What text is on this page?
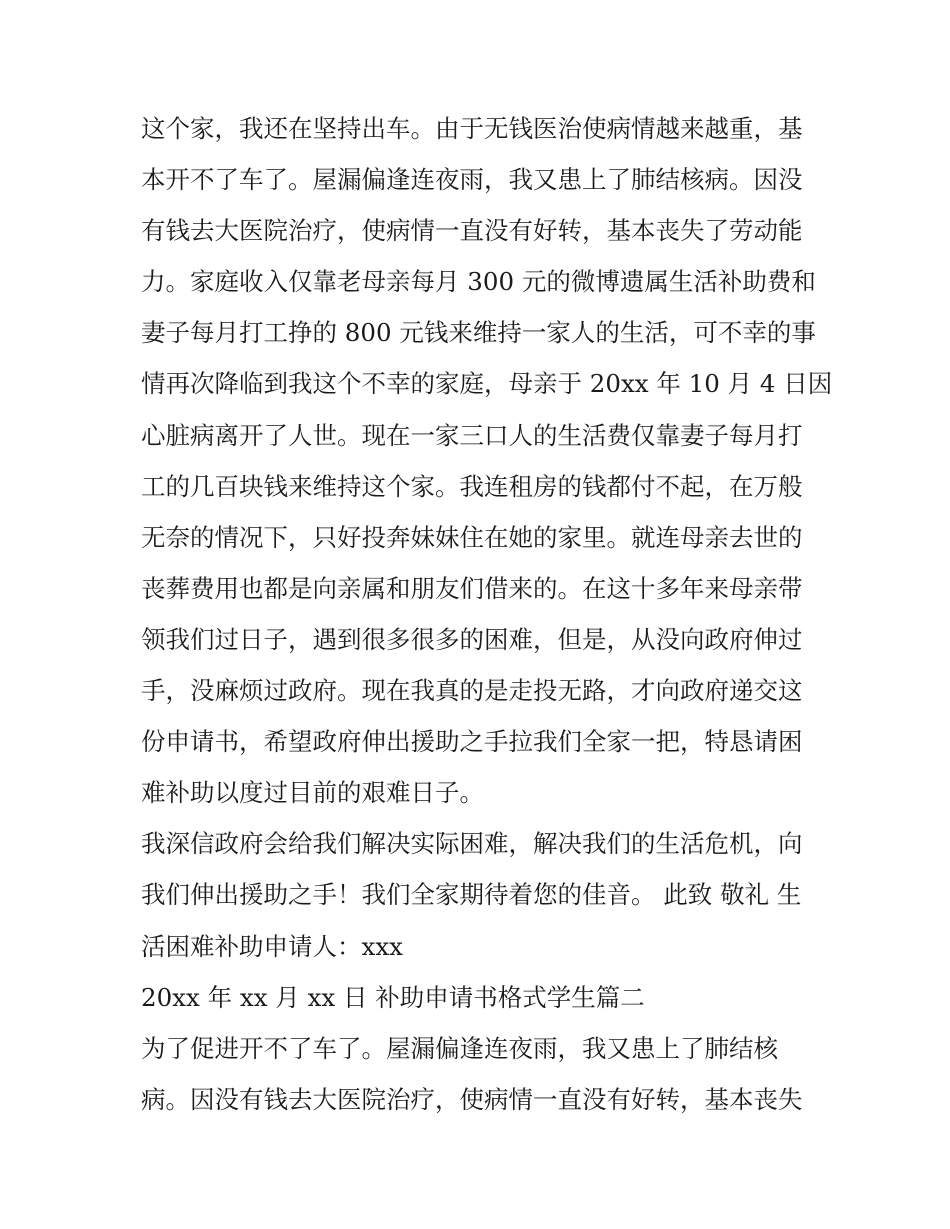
这个家，我还在坚持出车。由于无钱医治使病情越来越重，基
本开不了车了。屋漏偏逢连夜雨，我又患上了肺结核病。因没
有钱去大医院治疗，使病情一直没有好转，基本丧失了劳动能
力。家庭收入仅靠老母亲每月 300 元的微博遗属生活补助费和
妻子每月打工挣的 800 元钱来维持一家人的生活，可不幸的事
情再次降临到我这个不幸的家庭，母亲于 20xx 年 10 月 4 日因
心脏病离开了人世。现在一家三口人的生活费仅靠妻子每月打
工的几百块钱来维持这个家。我连租房的钱都付不起，在万般
无奈的情况下，只好投奔妹妹住在她的家里。就连母亲去世的
丧葬费用也都是向亲属和朋友们借来的。在这十多年来母亲带
领我们过日子，遇到很多很多的困难，但是，从没向政府伸过
手，没麻烦过政府。现在我真的是走投无路，才向政府递交这
份申请书，希望政府伸出援助之手拉我们全家一把，特恳请困
难补助以度过目前的艰难日子。
我深信政府会给我们解决实际困难，解决我们的生活危机，向
我们伸出援助之手！我们全家期待着您的佳音。 此致 敬礼 生
活困难补助申请人：xxx
20xx 年 xx 月 xx 日 补助申请书格式学生篇二
为了促进开不了车了。屋漏偏逢连夜雨，我又患上了肺结核
病。因没有钱去大医院治疗，使病情一直没有好转，基本丧失
